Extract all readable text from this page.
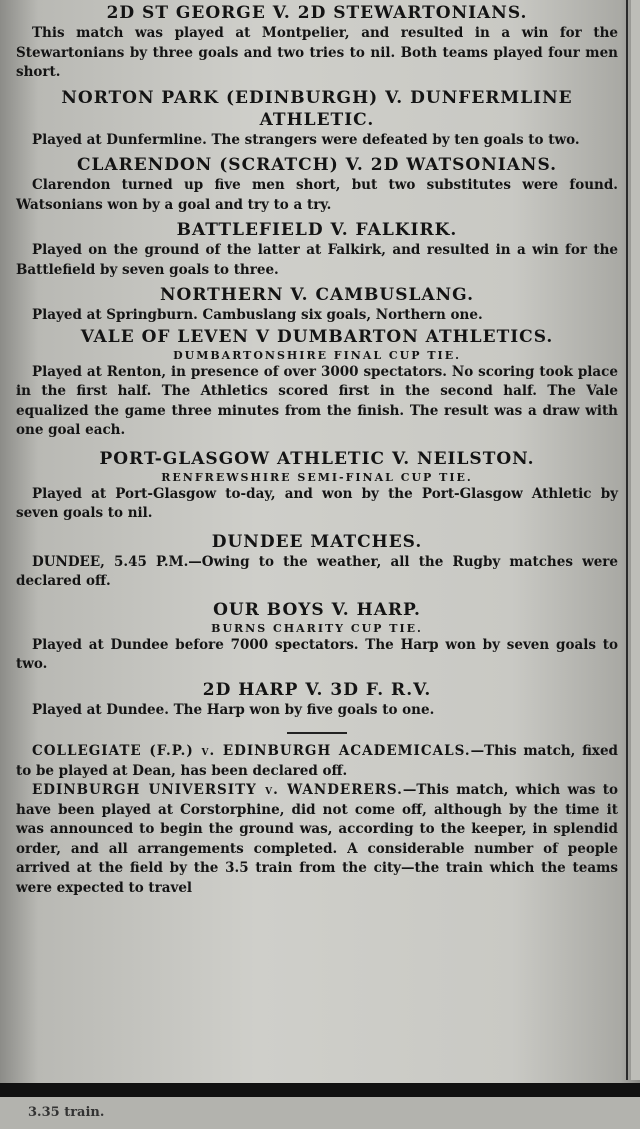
2D ST GEORGE V. 2D STEWARTONIANS.

This match was played at Montpelier, and resulted in a win for the Stewartonians by three goals and two tries to nil. Both teams played four men short.

NORTON PARK (EDINBURGH) V. DUNFERMLINE ATHLETIC.

Played at Dunfermline. The strangers were defeated by ten goals to two.

CLARENDON (SCRATCH) V. 2D WATSONIANS.

Clarendon turned up five men short, but two substitutes were found. Watsonians won by a goal and try to a try.

BATTLEFIELD V. FALKIRK.

Played on the ground of the latter at Falkirk, and resulted in a win for the Battlefield by seven goals to three.

NORTHERN V. CAMBUSLANG.

Played at Springburn. Cambuslang six goals, Northern one.

VALE OF LEVEN V DUMBARTON ATHLETICS.
DUMBARTONSHIRE FINAL CUP TIE.

Played at Renton, in presence of over 3000 spectators. No scoring took place in the first half. The Athletics scored first in the second half. The Vale equalized the game three minutes from the finish. The result was a draw with one goal each.

PORT-GLASGOW ATHLETIC V. NEILSTON.
RENFREWSHIRE SEMI-FINAL CUP TIE.

Played at Port-Glasgow to-day, and won by the Port-Glasgow Athletic by seven goals to nil.

DUNDEE MATCHES.

DUNDEE, 5.45 P.M.—Owing to the weather, all the Rugby matches were declared off.

OUR BOYS V. HARP.
BURNS CHARITY CUP TIE.

Played at Dundee before 7000 spectators. The Harp won by seven goals to two.

2D HARP V. 3D F. R.V.

Played at Dundee. The Harp won by five goals to one.

COLLEGIATE (F.P.) v. EDINBURGH ACADEMICALS.—This match, fixed to be played at Dean, has been declared off.

EDINBURGH UNIVERSITY v. WANDERERS.—This match, which was to have been played at Corstorphine, did not come off, although by the time it was announced to begin the ground was, according to the keeper, in splendid order, and all arrangements completed. A considerable number of people arrived at the field by the 3.5 train from the city—the train which the teams were expected to travel

3.35 train.
